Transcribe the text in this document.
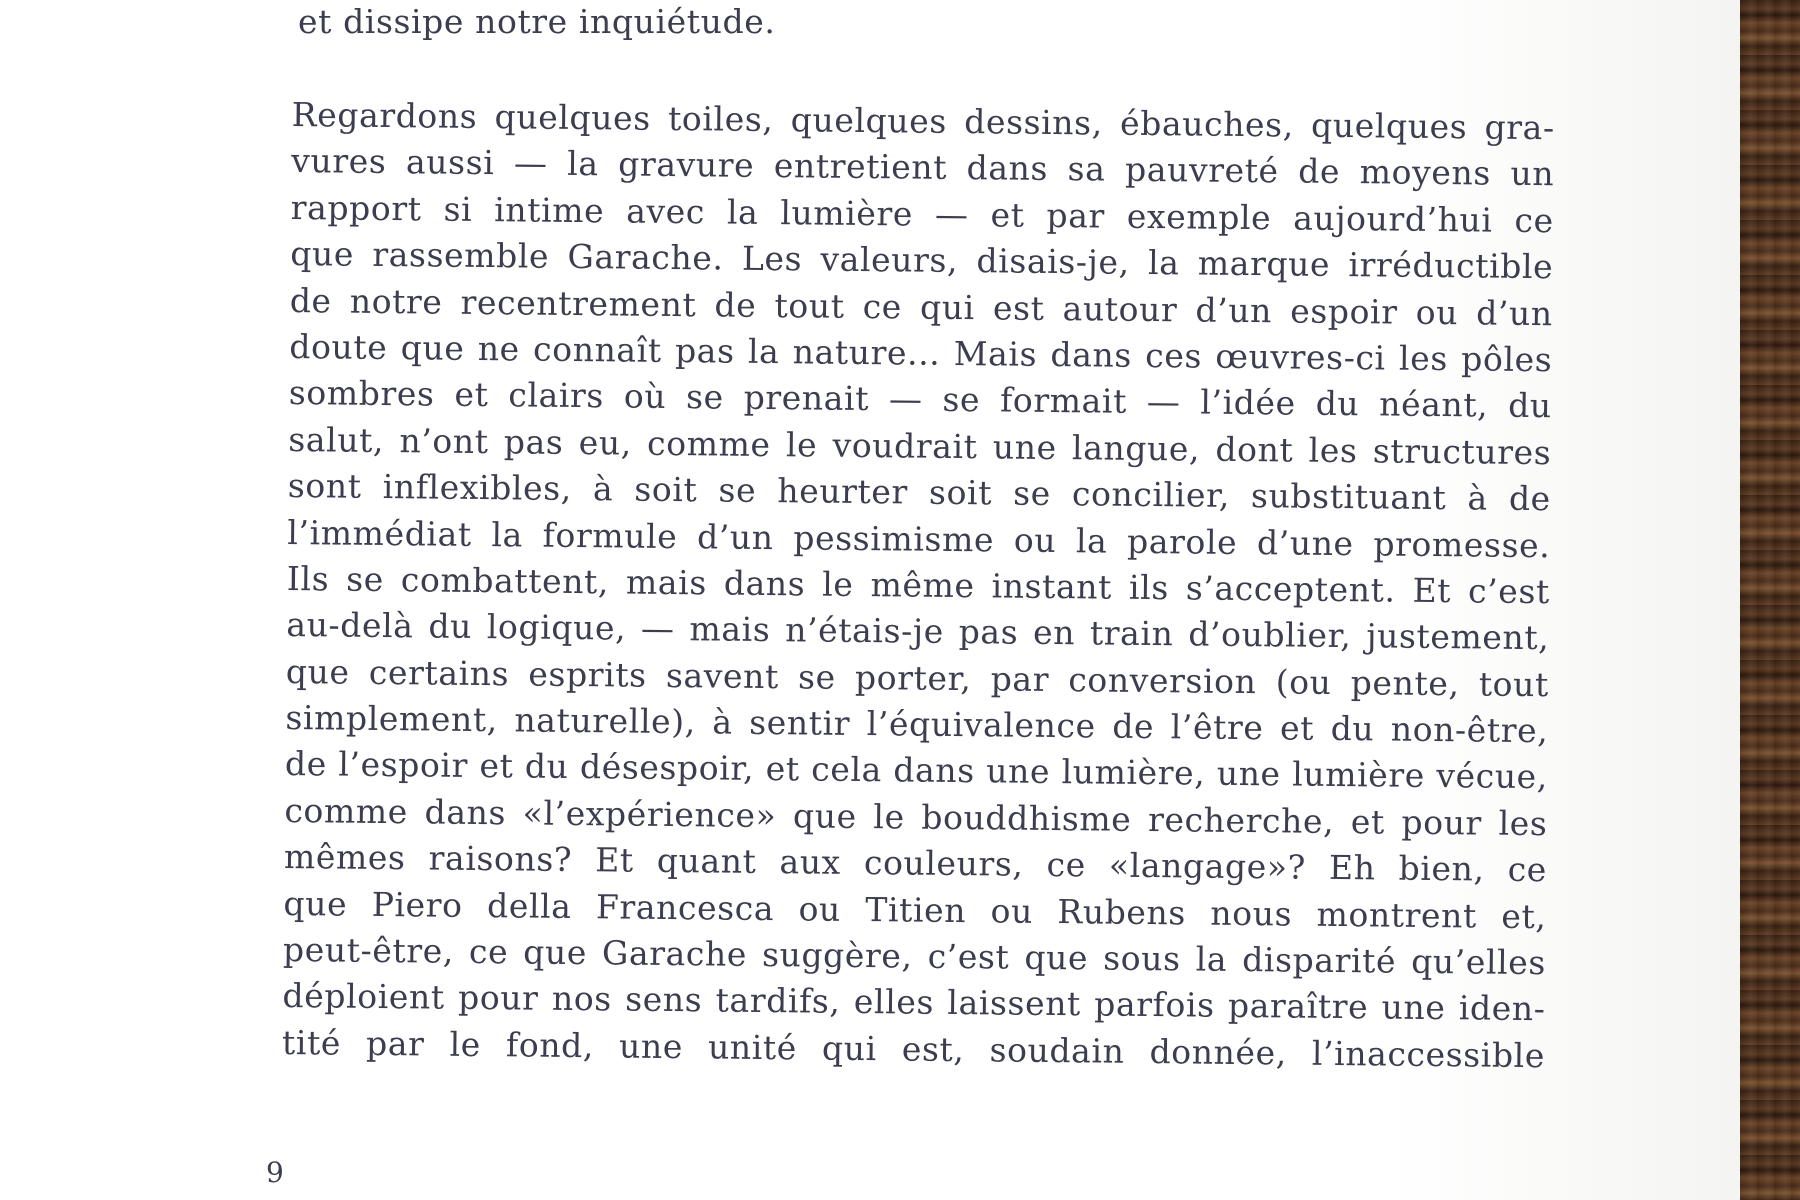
et dissipe notre inquiétude.
Regardons quelques toiles, quelques dessins, ébauches, quelques gra-
vures aussi — la gravure entretient dans sa pauvreté de moyens un
rapport si intime avec la lumière — et par exemple aujourd’hui ce
que rassemble Garache. Les valeurs, disais-je, la marque irréductible
de notre recentrement de tout ce qui est autour d’un espoir ou d’un
doute que ne connaît pas la nature... Mais dans ces œuvres-ci les pôles
sombres et clairs où se prenait — se formait — l’idée du néant, du
salut, n’ont pas eu, comme le voudrait une langue, dont les structures
sont inflexibles, à soit se heurter soit se concilier, substituant à de
l’immédiat la formule d’un pessimisme ou la parole d’une promesse.
Ils se combattent, mais dans le même instant ils s’acceptent. Et c’est
au-delà du logique, — mais n’étais-je pas en train d’oublier, justement,
que certains esprits savent se porter, par conversion (ou pente, tout
simplement, naturelle), à sentir l’équivalence de l’être et du non-être,
de l’espoir et du désespoir, et cela dans une lumière, une lumière vécue,
comme dans «l’expérience» que le bouddhisme recherche, et pour les
mêmes raisons? Et quant aux couleurs, ce «langage»? Eh bien, ce
que Piero della Francesca ou Titien ou Rubens nous montrent et,
peut-être, ce que Garache suggère, c’est que sous la disparité qu’elles
déploient pour nos sens tardifs, elles laissent parfois paraître une iden-
tité par le fond, une unité qui est, soudain donnée, l’inaccessible
9
